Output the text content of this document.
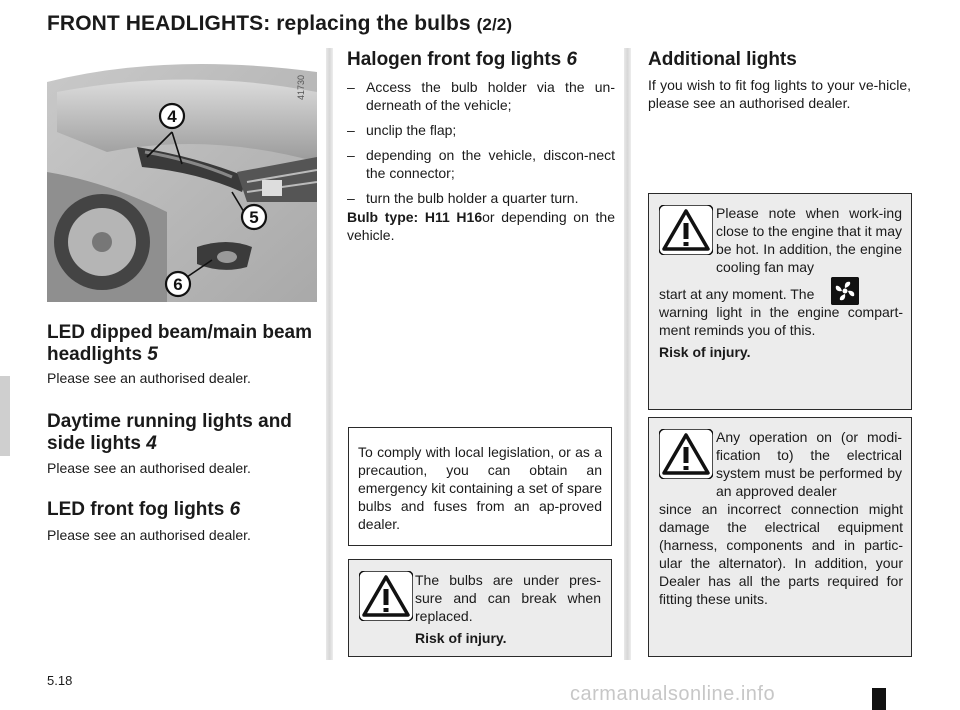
FRONT HEADLIGHTS: replacing the bulbs (2/2)
4
5
6
41730
LED dipped beam/main beam headlights 5
Please see an authorised dealer.
Daytime running lights and side lights 4
Please see an authorised dealer.
LED front fog lights 6
Please see an authorised dealer.
Halogen front fog lights 6
– Access the bulb holder via the un-derneath of the vehicle;
– unclip the flap;
– depending on the vehicle, discon-nect the connector;
– turn the bulb holder a quarter turn.
Bulb type: H11 H16or depending on the vehicle.
To comply with local legislation, or as a precaution, you can obtain an emergency kit containing a set of spare bulbs and fuses from an ap-proved dealer.
The bulbs are under pres-sure and can break when replaced.
Risk of injury.
Additional lights
If you wish to fit fog lights to your ve-hicle, please see an authorised dealer.
Please note when work-ing close to the engine that it may be hot. In addition, the engine cooling fan may
start at any moment. The
warning light in the engine compart-ment reminds you of this.
Risk of injury.
Any operation on (or modi-fication to) the electrical system must be performed by an approved dealer
since an incorrect connection might damage the electrical equipment (harness, components and in partic-ular the alternator). In addition, your Dealer has all the parts required for fitting these units.
5.18
carmanualsonline.info
